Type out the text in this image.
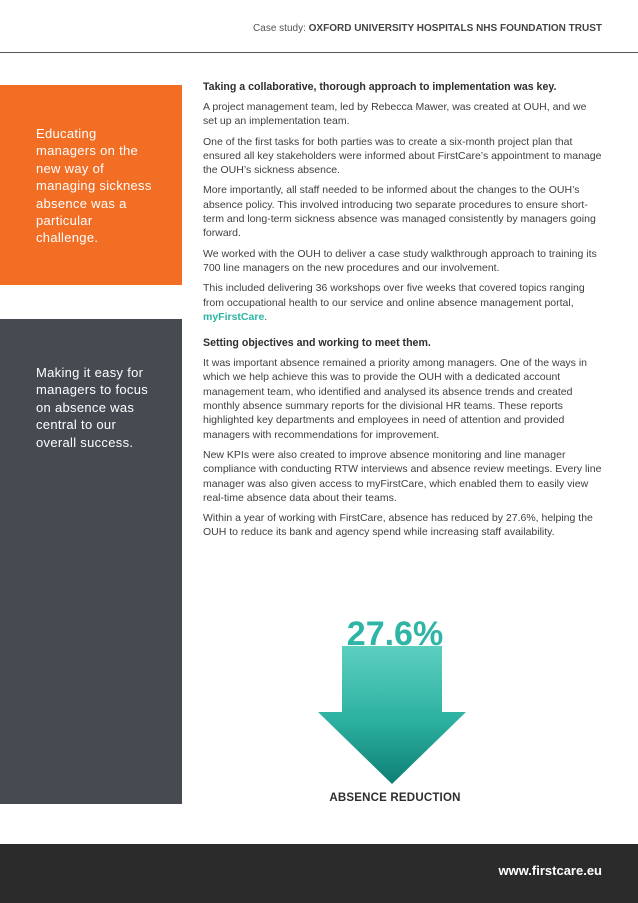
Case study: OXFORD UNIVERSITY HOSPITALS NHS FOUNDATION TRUST

Educating managers on the new way of managing sickness absence was a particular challenge.

Making it easy for managers to focus on absence was central to our overall success.

Taking a collaborative, thorough approach to implementation was key.

A project management team, led by Rebecca Mawer, was created at OUH, and we set up an implementation team.

One of the first tasks for both parties was to create a six-month project plan that ensured all key stakeholders were informed about FirstCare’s appointment to manage the OUH’s sickness absence.

More importantly, all staff needed to be informed about the changes to the OUH’s absence policy. This involved introducing two separate procedures to ensure short-term and long-term sickness absence was managed consistently by managers going forward.

We worked with the OUH to deliver a case study walkthrough approach to training its 700 line managers on the new procedures and our involvement.

This included delivering 36 workshops over five weeks that covered topics ranging from occupational health to our service and online absence management portal, myFirstCare.

Setting objectives and working to meet them.

It was important absence remained a priority among managers. One of the ways in which we help achieve this was to provide the OUH with a dedicated account management team, who identified and analysed its absence trends and created monthly absence summary reports for the divisional HR teams. These reports highlighted key departments and employees in need of attention and provided managers with recommendations for improvement.

New KPIs were also created to improve absence monitoring and line manager compliance with conducting RTW interviews and absence review meetings. Every line manager was also given access to myFirstCare, which enabled them to easily view real-time absence data about their teams.

Within a year of working with FirstCare, absence has reduced by 27.6%, helping the OUH to reduce its bank and agency spend while increasing staff availability.

27.6%
ABSENCE REDUCTION
www.firstcare.eu
